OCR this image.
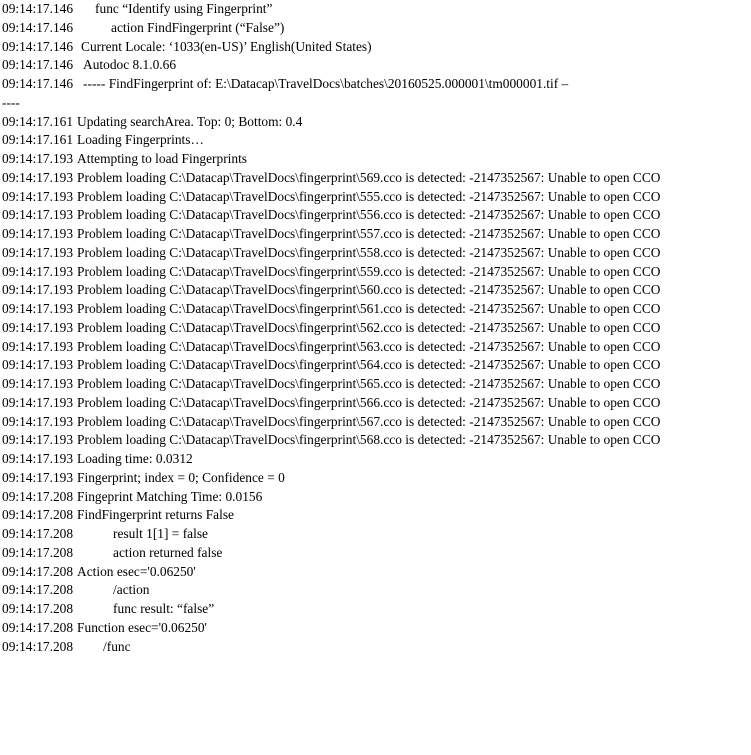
09:14:17.146 func “Identify using Fingerprint”
09:14:17.146	action FindFingerprint (“False”)
09:14:17.146 Current Locale: ‘1033(en-US)’ English(United States)
09:14:17.146 Autodoc 8.1.0.66
09:14:17.146 ----- FindFingerprint of: E:\Datacap\TravelDocs\batches\20160525.000001\tm000001.tif –
----
09:14:17.161 Updating searchArea. Top: 0; Bottom: 0.4
09:14:17.161 Loading Fingerprints…
09:14:17.193 Attempting to load Fingerprints
09:14:17.193 Problem loading C:\Datacap\TravelDocs\fingerprint\569.cco is detected: -2147352567: Unable to open CCO
09:14:17.193 Problem loading C:\Datacap\TravelDocs\fingerprint\555.cco is detected: -2147352567: Unable to open CCO
09:14:17.193 Problem loading C:\Datacap\TravelDocs\fingerprint\556.cco is detected: -2147352567: Unable to open CCO
09:14:17.193 Problem loading C:\Datacap\TravelDocs\fingerprint\557.cco is detected: -2147352567: Unable to open CCO
09:14:17.193 Problem loading C:\Datacap\TravelDocs\fingerprint\558.cco is detected: -2147352567: Unable to open CCO
09:14:17.193 Problem loading C:\Datacap\TravelDocs\fingerprint\559.cco is detected: -2147352567: Unable to open CCO
09:14:17.193 Problem loading C:\Datacap\TravelDocs\fingerprint\560.cco is detected: -2147352567: Unable to open CCO
09:14:17.193 Problem loading C:\Datacap\TravelDocs\fingerprint\561.cco is detected: -2147352567: Unable to open CCO
09:14:17.193 Problem loading C:\Datacap\TravelDocs\fingerprint\562.cco is detected: -2147352567: Unable to open CCO
09:14:17.193 Problem loading C:\Datacap\TravelDocs\fingerprint\563.cco is detected: -2147352567: Unable to open CCO
09:14:17.193 Problem loading C:\Datacap\TravelDocs\fingerprint\564.cco is detected: -2147352567: Unable to open CCO
09:14:17.193 Problem loading C:\Datacap\TravelDocs\fingerprint\565.cco is detected: -2147352567: Unable to open CCO
09:14:17.193 Problem loading C:\Datacap\TravelDocs\fingerprint\566.cco is detected: -2147352567: Unable to open CCO
09:14:17.193 Problem loading C:\Datacap\TravelDocs\fingerprint\567.cco is detected: -2147352567: Unable to open CCO
09:14:17.193 Problem loading C:\Datacap\TravelDocs\fingerprint\568.cco is detected: -2147352567: Unable to open CCO
09:14:17.193 Loading time: 0.0312
09:14:17.193 Fingerprint; index = 0; Confidence = 0
09:14:17.208 Fingeprint Matching Time: 0.0156
09:14:17.208 FindFingerprint returns False
09:14:17.208	result 1[1] = false
09:14:17.208	action returned false
09:14:17.208 Action esec='0.06250'
09:14:17.208	/action
09:14:17.208	func result: “false”
09:14:17.208 Function esec='0.06250'
09:14:17.208 /func
